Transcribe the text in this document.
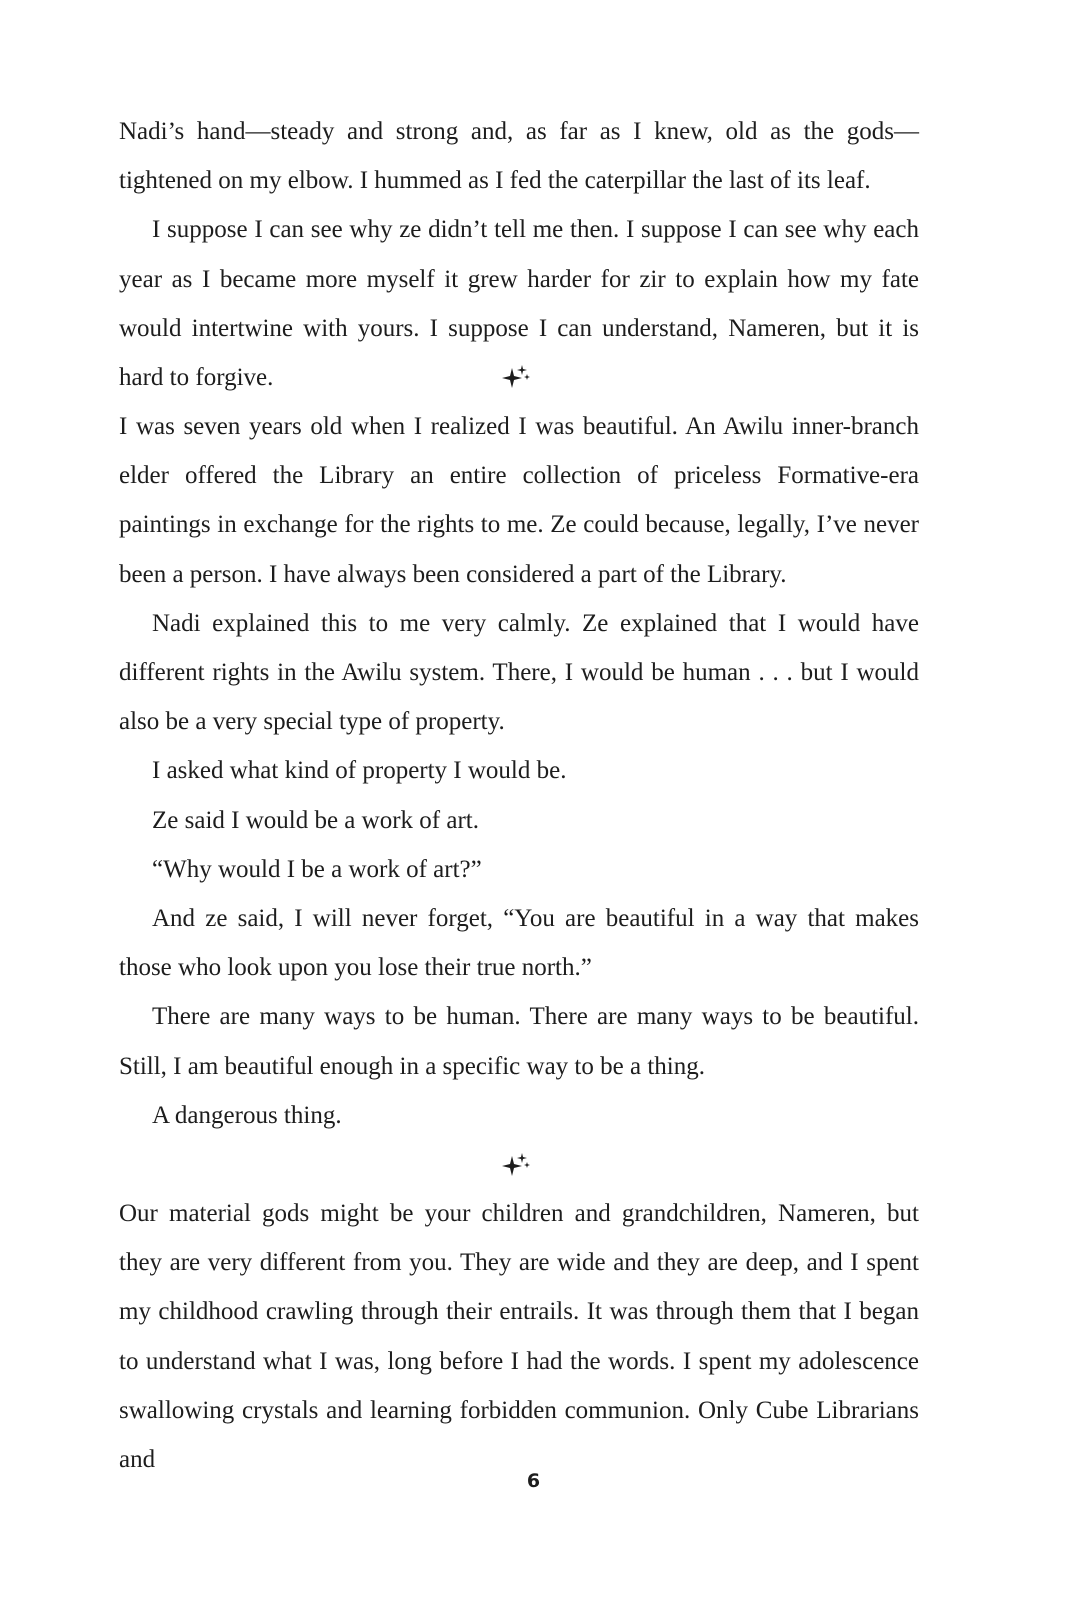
Nadi’s hand—steady and strong and, as far as I knew, old as the gods—tightened on my elbow. I hummed as I fed the caterpillar the last of its leaf.

I suppose I can see why ze didn’t tell me then. I suppose I can see why each year as I became more myself it grew harder for zir to explain how my fate would intertwine with yours. I suppose I can understand, Nameren, but it is hard to forgive.

I was seven years old when I realized I was beautiful. An Awilu inner-branch elder offered the Library an entire collection of priceless Formative-era paintings in exchange for the rights to me. Ze could because, legally, I’ve never been a person. I have always been considered a part of the Library.

Nadi explained this to me very calmly. Ze explained that I would have different rights in the Awilu system. There, I would be human . . . but I would also be a very special type of property.

I asked what kind of property I would be.

Ze said I would be a work of art.

“Why would I be a work of art?”

And ze said, I will never forget, “You are beautiful in a way that makes those who look upon you lose their true north.”

There are many ways to be human. There are many ways to be beautiful. Still, I am beautiful enough in a specific way to be a thing.

A dangerous thing.

Our material gods might be your children and grandchildren, Nameren, but they are very different from you. They are wide and they are deep, and I spent my childhood crawling through their entrails. It was through them that I began to understand what I was, long before I had the words. I spent my adolescence swallowing crystals and learning forbidden communion. Only Cube Librarians and

6
